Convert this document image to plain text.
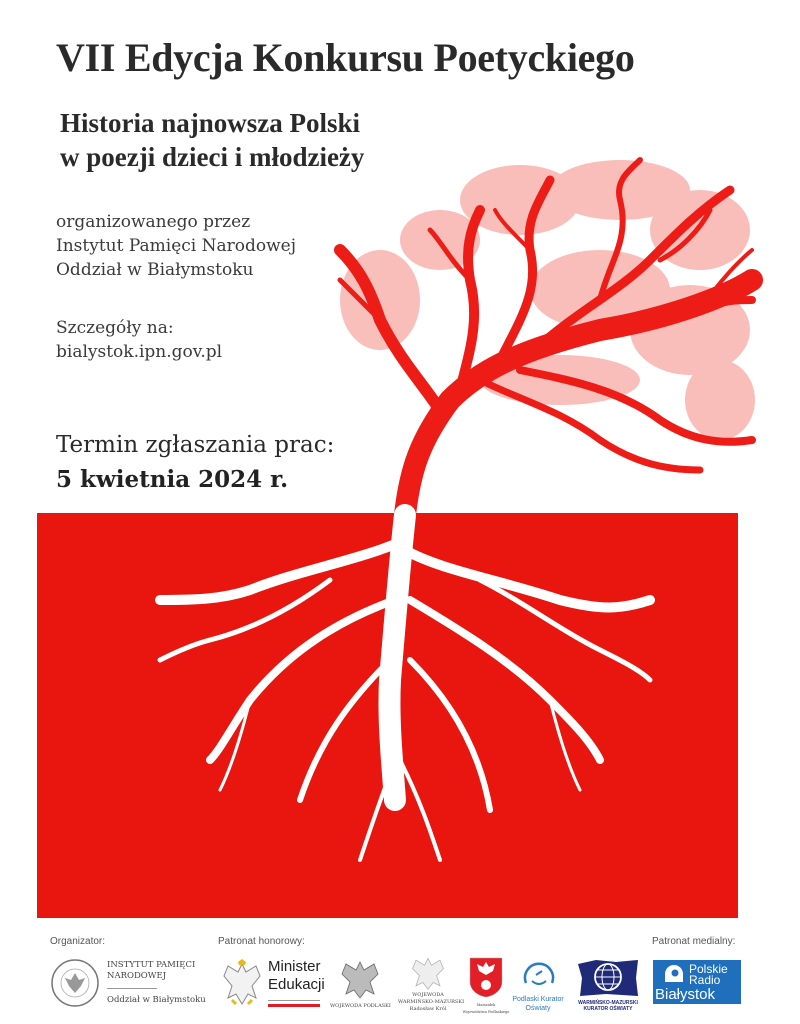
VII Edycja Konkursu Poetyckiego
Historia najnowsza Polski
w poezji dzieci i młodzieży
organizowanego przez
Instytut Pamięci Narodowej
Oddział w Białymstoku
Szczegóły na:
bialystok.ipn.gov.pl
Termin zgłaszania prac:
5 kwietnia 2024 r.
Organizator:	Patronat honorowy:	Patronat medialny:
INSTYTUT PAMIĘCI
NARODOWEJ
Oddział w Białymstoku
Minister
Edukacji
WOJEWODA PODLASKI
WOJEWODA
WARMIŃSKO-MAZURSKI
Radosław Król
Marszałek
Województwa Podlaskiego
Podlaski Kurator
Oświaty
WARMIŃSKO-MAZURSKI
KURATOR OŚWIATY
Polskie
Radio
Białystok
